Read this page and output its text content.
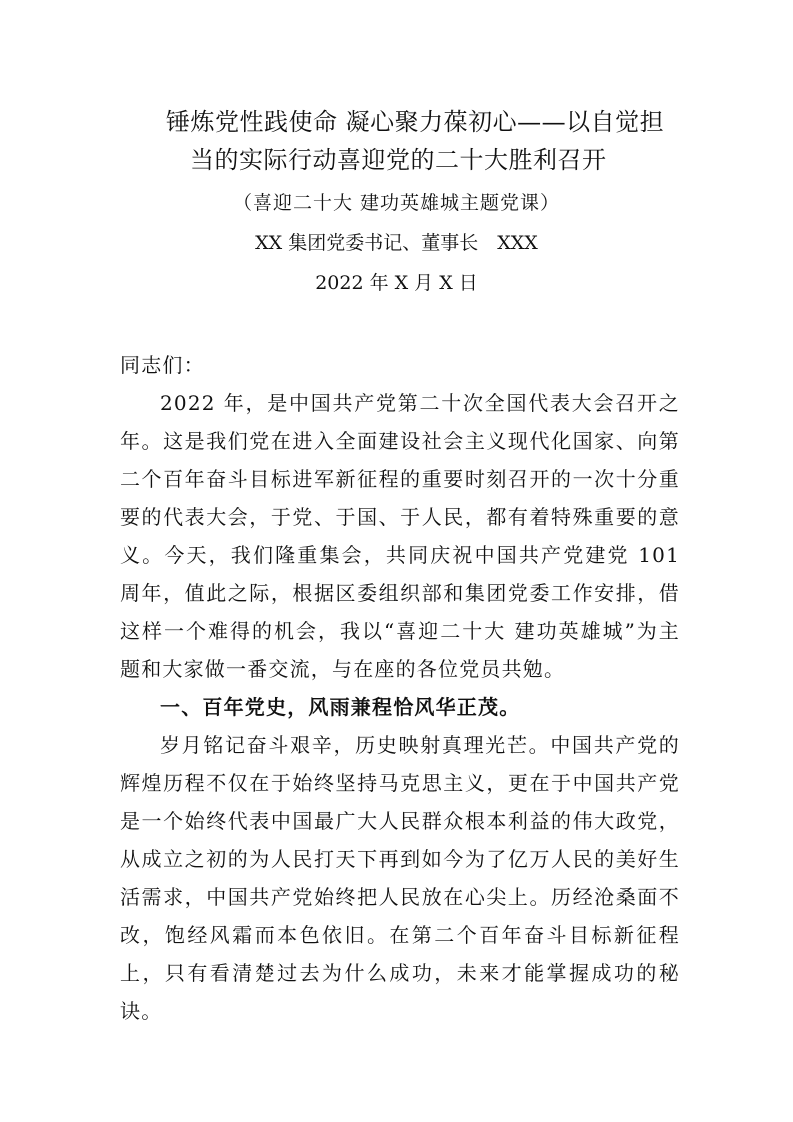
锤炼党性践使命 凝心聚力葆初心——以自觉担
当的实际行动喜迎党的二十大胜利召开
（喜迎二十大 建功英雄城主题党课）
XX 集团党委书记、董事长　XXX
2022 年 X 月 X 日

同志们：

2022 年，是中国共产党第二十次全国代表大会召开之年。这是我们党在进入全面建设社会主义现代化国家、向第二个百年奋斗目标进军新征程的重要时刻召开的一次十分重要的代表大会，于党、于国、于人民，都有着特殊重要的意义。今天，我们隆重集会，共同庆祝中国共产党建党 101 周年，值此之际，根据区委组织部和集团党委工作安排，借这样一个难得的机会，我以“喜迎二十大 建功英雄城”为主题和大家做一番交流，与在座的各位党员共勉。

一、百年党史，风雨兼程恰风华正茂。

岁月铭记奋斗艰辛，历史映射真理光芒。中国共产党的辉煌历程不仅在于始终坚持马克思主义，更在于中国共产党是一个始终代表中国最广大人民群众根本利益的伟大政党，从成立之初的为人民打天下再到如今为了亿万人民的美好生活需求，中国共产党始终把人民放在心尖上。历经沧桑面不改，饱经风霜而本色依旧。在第二个百年奋斗目标新征程上，只有看清楚过去为什么成功，未来才能掌握成功的秘诀。
